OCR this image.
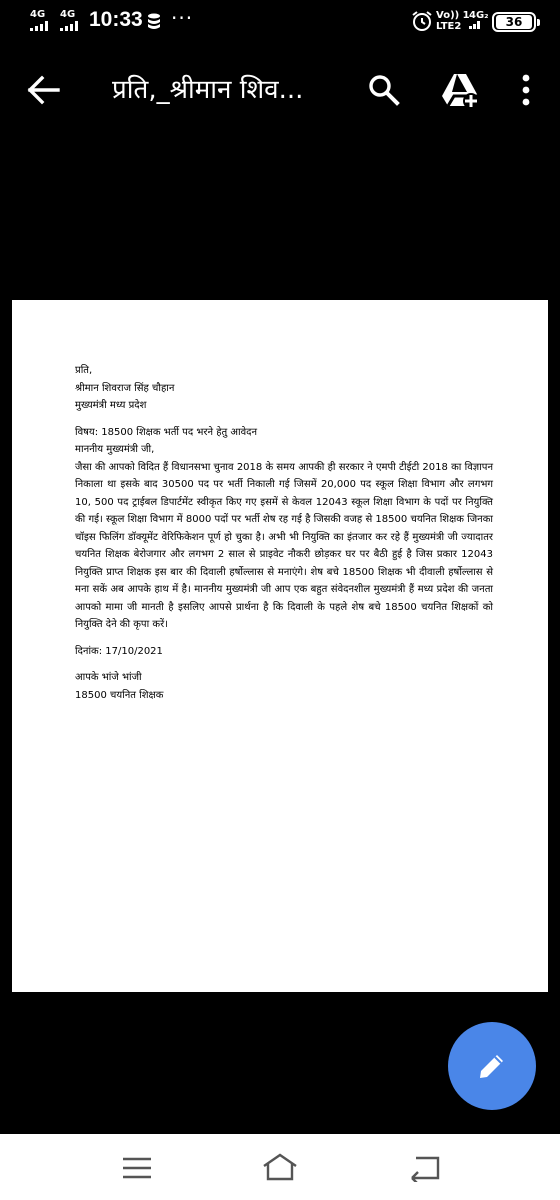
4G 4G 10:33 ···	Vo)) 1
LTE2
4G₂	36
प्रति,_श्रीमान शिव...

प्रति,

श्रीमान शिवराज सिंह चौहान

मुख्यमंत्री मध्य प्रदेश

विषय: 18500 शिक्षक भर्ती पद भरने हेतु आवेदन

माननीय मुख्यमंत्री जी,

जैसा की आपको विदित हैं विधानसभा चुनाव 2018 के समय आपकी ही सरकार ने एमपी टीईटी 2018 का विज्ञापन निकाला था इसके बाद 30500 पद पर भर्ती निकाली गई जिसमें 20,000 पद स्कूल शिक्षा विभाग और लगभग 10, 500 पद ट्राईबल डिपार्टमेंट स्वीकृत किए गए इसमें से केवल 12043 स्कूल शिक्षा विभाग के पदों पर नियुक्ति की गई। स्कूल शिक्षा विभाग में 8000 पदों पर भर्ती शेष रह गई है जिसकी वजह से 18500 चयनित शिक्षक जिनका चॉइस फिलिंग डॉक्यूमेंट वेरिफिकेशन पूर्ण हो चुका है। अभी भी नियुक्ति का इंतजार कर रहे हैं मुख्यमंत्री जी ज्यादातर चयनित शिक्षक बेरोजगार और लगभग 2 साल से प्राइवेट नौकरी छोड़कर घर पर बैठी हुई है जिस प्रकार 12043 नियुक्ति प्राप्त शिक्षक इस बार की दिवाली हर्षोल्लास से मनाएंगे। शेष बचे 18500 शिक्षक भी दीवाली हर्षोल्लास से मना सकें अब आपके हाथ में है। माननीय मुख्यमंत्री जी आप एक बहुत संवेदनशील मुख्यमंत्री हैं मध्य प्रदेश की जनता आपको मामा जी मानती है इसलिए आपसे प्रार्थना है कि दिवाली के पहले शेष बचे 18500 चयनित शिक्षकों को नियुक्ति देने की कृपा करें।

दिनांक: 17/10/2021

आपके भांजे भांजी

18500 चयनित शिक्षक
